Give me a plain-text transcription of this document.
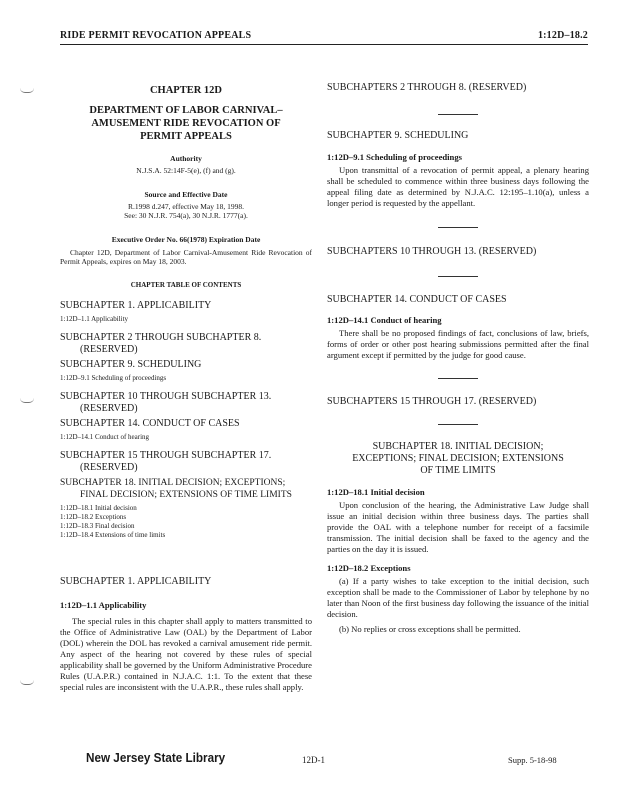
RIDE PERMIT REVOCATION APPEALS	1:12D–18.2
CHAPTER 12D
DEPARTMENT OF LABOR CARNIVAL– AMUSEMENT RIDE REVOCATION OF PERMIT APPEALS
Authority
N.J.S.A. 52:14F-5(e), (f) and (g).
Source and Effective Date
R.1998 d.247, effective May 18, 1998.
See: 30 N.J.R. 754(a), 30 N.J.R. 1777(a).
Executive Order No. 66(1978) Expiration Date
Chapter 12D, Department of Labor Carnival-Amusement Ride Revocation of Permit Appeals, expires on May 18, 2003.
CHAPTER TABLE OF CONTENTS
SUBCHAPTER 1. APPLICABILITY
1:12D–1.1 Applicability
SUBCHAPTER 2 THROUGH SUBCHAPTER 8. (RESERVED)
SUBCHAPTER 9. SCHEDULING
1:12D–9.1 Scheduling of proceedings
SUBCHAPTER 10 THROUGH SUBCHAPTER 13. (RESERVED)
SUBCHAPTER 14. CONDUCT OF CASES
1:12D–14.1 Conduct of hearing
SUBCHAPTER 15 THROUGH SUBCHAPTER 17. (RESERVED)
SUBCHAPTER 18. INITIAL DECISION; EXCEPTIONS; FINAL DECISION; EXTENSIONS OF TIME LIMITS
1:12D–18.1 Initial decision
1:12D–18.2 Exceptions
1:12D–18.3 Final decision
1:12D–18.4 Extensions of time limits
SUBCHAPTER 1. APPLICABILITY
1:12D–1.1 Applicability
The special rules in this chapter shall apply to matters transmitted to the Office of Administrative Law (OAL) by the Department of Labor (DOL) wherein the DOL has revoked a carnival amusement ride permit. Any aspect of the hearing not covered by these rules of special applicability shall be governed by the Uniform Administrative Procedure Rules (U.A.P.R.) contained in N.J.A.C. 1:1. To the extent that these special rules are inconsistent with the U.A.P.R., these rules shall apply.
SUBCHAPTERS 2 THROUGH 8. (RESERVED)
SUBCHAPTER 9. SCHEDULING
1:12D–9.1 Scheduling of proceedings
Upon transmittal of a revocation of permit appeal, a plenary hearing shall be scheduled to commence within three business days following the appeal filing date as determined by N.J.A.C. 12:195–1.10(a), unless a longer period is requested by the appellant.
SUBCHAPTERS 10 THROUGH 13. (RESERVED)
SUBCHAPTER 14. CONDUCT OF CASES
1:12D–14.1 Conduct of hearing
There shall be no proposed findings of fact, conclusions of law, briefs, forms of order or other post hearing submissions permitted after the final argument except if permitted by the judge for good cause.
SUBCHAPTERS 15 THROUGH 17. (RESERVED)
SUBCHAPTER 18. INITIAL DECISION; EXCEPTIONS; FINAL DECISION; EXTENSIONS OF TIME LIMITS
1:12D–18.1 Initial decision
Upon conclusion of the hearing, the Administrative Law Judge shall issue an initial decision within three business days. The parties shall provide the OAL with a telephone number for receipt of a facsimile transmission. The initial decision shall be faxed to the agency and the parties on the day it is issued.
1:12D–18.2 Exceptions
(a) If a party wishes to take exception to the initial decision, such exception shall be made to the Commissioner of Labor by telephone by no later than Noon of the first business day following the issuance of the initial decision.
(b) No replies or cross exceptions shall be permitted.
New Jersey State Library	12D-1	Supp. 5-18-98
